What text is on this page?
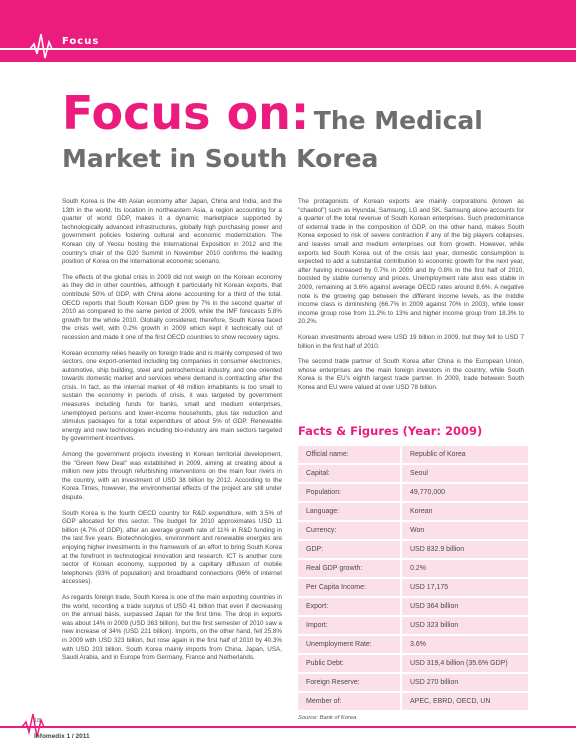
Focus
Focus on: The Medical
Market in South Korea

South Korea is the 4th Asian economy after Japan, China and India, and the 13th in the world. Its location in northeastern Asia, a region accounting for a quarter of world GDP, makes it a dynamic marketplace supported by technologically advanced infrastructures, globally high purchasing power and government policies fostering cultural and economic modernization. The Korean city of Yeosu hosting the International Exposition in 2012 and the country's chair of the G20 Summit in November 2010 confirms the leading position of Korea on the international economic scenario.

The effects of the global crisis in 2009 did not weigh on the Korean economy as they did in other countries, although it particularly hit Korean exports, that contribute 50% of GDP, with China alone accounting for a third of the total. OECD reports that South Korean GDP grew by 7% in the second quarter of 2010 as compared to the same period of 2009, while the IMF forecasts 5.8% growth for the whole 2010. Globally considered, therefore, South Korea faced the crisis well, with 0.2% growth in 2009 which kept it technically out of recession and made it one of the first OECD countries to show recovery signs.

Korean economy relies heavily on foreign trade and is mainly composed of two sectors, one export-oriented including big companies in consumer electronics, automotive, ship building, steel and petrochemical industry, and one oriented towards domestic market and services where demand is contracting after the crisis. In fact, as the internal market of 48 million inhabitants is too small to sustain the economy in periods of crisis, it was targeted by government measures including funds for banks, small and medium enterprises, unemployed persons and lower-income households, plus tax reduction and stimulus packages for a total expenditure of about 5% of GDP. Renewable energy and new technologies including bio-industry are main sectors targeted by government incentives.

Among the government projects investing in Korean territorial development, the "Green New Deal" was established in 2009, aiming at creating about a million new jobs through refurbishing interventions on the main four rivers in the country, with an investment of USD 38 billion by 2012. According to the Korea Times, however, the environmental effects of the project are still under dispute.

South Korea is the fourth OECD country for R&D expenditure, with 3.5% of GDP allocated for this sector. The budget for 2010 approximates USD 11 billion (4.7% of GDP), after an average growth rate of 11% in R&D funding in the last five years. Biotechnologies, environment and renewable energies are enjoying higher investments in the framework of an effort to bring South Korea at the forefront in technological innovation and research. ICT is another core sector of Korean economy, supported by a capillary diffusion of mobile telephones (93% of population) and broadband connections (96% of internet accesses).

As regards foreign trade, South Korea is one of the main exporting countries in the world, recording a trade surplus of USD 41 billion that even if decreasing on the annual basis, surpassed Japan for the first time. The drop in exports was about 14% in 2009 (USD 363 billion), but the first semester of 2010 saw a new increase of 34% (USD 221 billion). Imports, on the other hand, fell 25.8% in 2009 with USD 323 billion, but rose again in the first half of 2010 by 40.3% with USD 203 billion. South Korea mainly imports from China, Japan, USA, Saudi Arabia, and in Europe from Germany, France and Netherlands.

The protagonists of Korean exports are mainly corporations (known as "chaebol") such as Hyundai, Samsung, LG and SK. Samsung alone accounts for a quarter of the total revenue of South Korean enterprises. Such predominance of external trade in the composition of GDP, on the other hand, makes South Korea exposed to risk of severe contraction if any of the big players collapses, and leaves small and medium enterprises out from growth. However, while exports led South Korea out of the crisis last year, domestic consumption is expected to add a substantial contribution to economic growth for the next year, after having increased by 0.7% in 2009 and by 0.8% in the first half of 2010, boosted by stable currency and prices. Unemployment rate also was stable in 2009, remaining at 3.6% against average OECD rates around 8.6%. A negative note is the growing gap between the different income levels, as the middle income class is diminishing (66.7% in 2009 against 70% in 2003), while lower income group rose from 11.2% to 13% and higher income group from 18.3% to 20.2%.

Korean investments abroad were USD 19 billion in 2009, but they fell to USD 7 billion in the first half of 2010.

The second trade partner of South Korea after China is the European Union, whose enterprises are the main foreign investors in the country, while South Korea is the EU's eighth largest trade partner. In 2009, trade between South Korea and EU were valued at over USD 78 billion.

Facts & Figures (Year: 2009)
Official name:	Republic of Korea
Capital:	Seoul
Population:	49,770,000
Language:	Korean
Currency:	Won
GDP:	USD 832.9 billion
Real GDP growth:	0.2%
Per Capita Income:	USD 17,175
Export:	USD 364 billion
Import:	USD 323 billion
Unemployment Rate:	3.6%
Public Debt:	USD 319,4 billion (35.6% GDP)
Foreign Reserve:	USD 270 billion
Member of:	APEC, EBRD, OECD, UN
Source: Bank of Korea
18
Infomedix 1 / 2011
